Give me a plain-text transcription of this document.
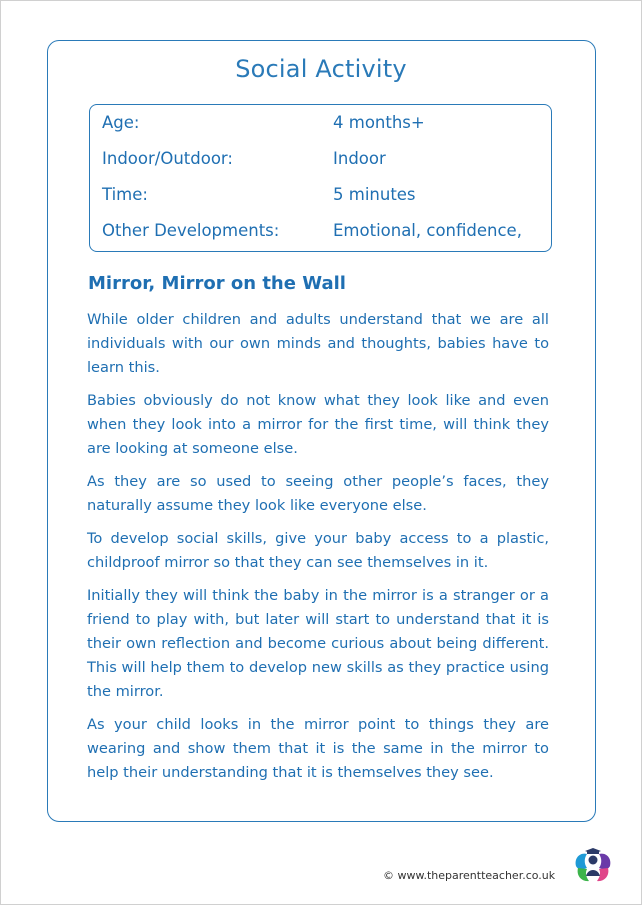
Social Activity
Age:	4 months+
Indoor/Outdoor:	Indoor
Time:	5 minutes
Other Developments:	Emotional, confidence,
Mirror, Mirror on the Wall

While older children and adults understand that we are all individuals with our own minds and thoughts, babies have to learn this.

Babies obviously do not know what they look like and even when they look into a mirror for the first time, will think they are looking at someone else.

As they are so used to seeing other people’s faces, they naturally assume they look like everyone else.

To develop social skills, give your baby access to a plastic, childproof mirror so that they can see themselves in it.

Initially they will think the baby in the mirror is a stranger or a friend to play with, but later will start to understand that it is their own reflection and become curious about being different. This will help them to develop new skills as they practice using the mirror.

As your child looks in the mirror point to things they are wearing and show them that it is the same in the mirror to help their understanding that it is themselves they see.

© www.theparentteacher.co.uk
